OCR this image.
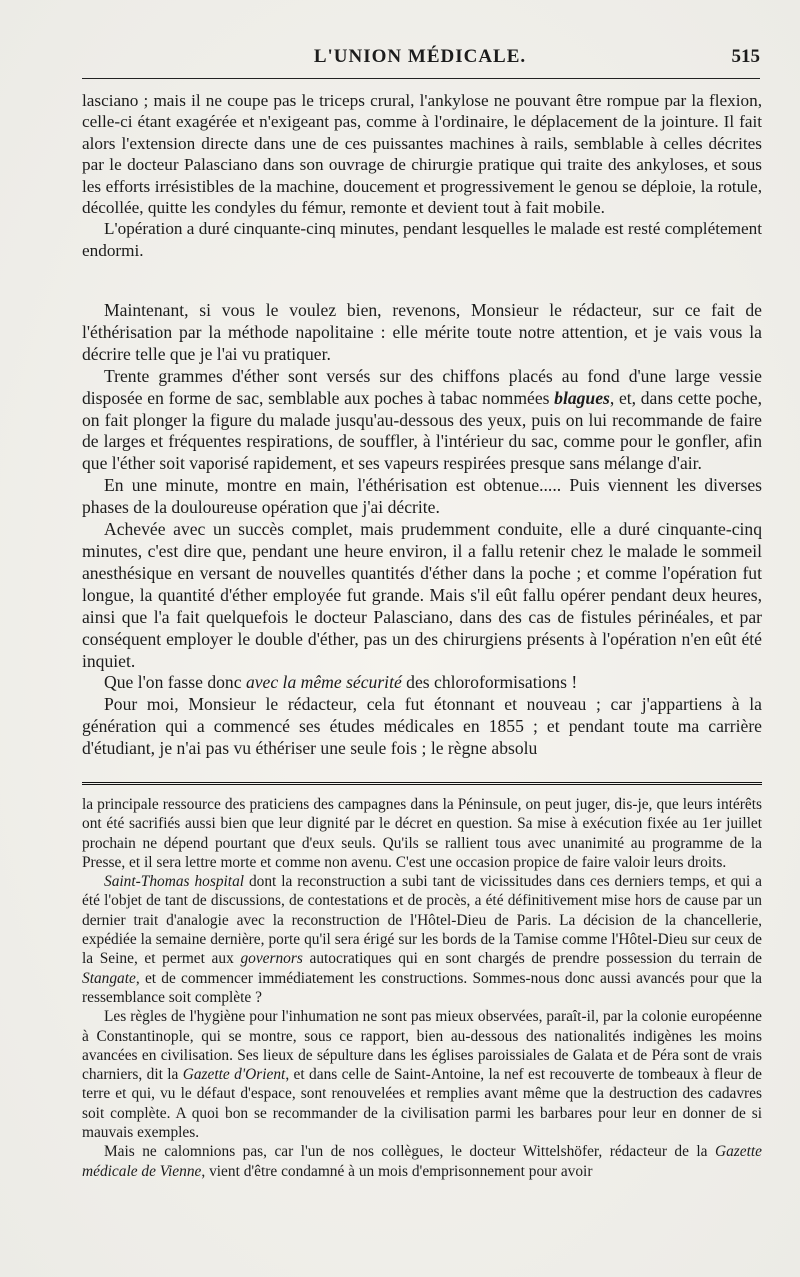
L'UNION MÉDICALE.	515

lasciano ; mais il ne coupe pas le triceps crural, l'ankylose ne pouvant être rompue par la flexion, celle-ci étant exagérée et n'exigeant pas, comme à l'ordinaire, le déplacement de la jointure. Il fait alors l'extension directe dans une de ces puissantes machines à rails, semblable à celles décrites par le docteur Palasciano dans son ouvrage de chirurgie pratique qui traite des ankyloses, et sous les efforts irrésistibles de la machine, doucement et progressivement le genou se déploie, la rotule, décollée, quitte les condyles du fémur, remonte et devient tout à fait mobile.

L'opération a duré cinquante-cinq minutes, pendant lesquelles le malade est resté complétement endormi.

Maintenant, si vous le voulez bien, revenons, Monsieur le rédacteur, sur ce fait de l'éthérisation par la méthode napolitaine : elle mérite toute notre attention, et je vais vous la décrire telle que je l'ai vu pratiquer.

Trente grammes d'éther sont versés sur des chiffons placés au fond d'une large vessie disposée en forme de sac, semblable aux poches à tabac nommées blagues, et, dans cette poche, on fait plonger la figure du malade jusqu'au-dessous des yeux, puis on lui recommande de faire de larges et fréquentes respirations, de souffler, à l'intérieur du sac, comme pour le gonfler, afin que l'éther soit vaporisé rapidement, et ses vapeurs respirées presque sans mélange d'air.

En une minute, montre en main, l'éthérisation est obtenue..... Puis viennent les diverses phases de la douloureuse opération que j'ai décrite.

Achevée avec un succès complet, mais prudemment conduite, elle a duré cinquante-cinq minutes, c'est dire que, pendant une heure environ, il a fallu retenir chez le malade le sommeil anesthésique en versant de nouvelles quantités d'éther dans la poche ; et comme l'opération fut longue, la quantité d'éther employée fut grande. Mais s'il eût fallu opérer pendant deux heures, ainsi que l'a fait quelquefois le docteur Palasciano, dans des cas de fistules périnéales, et par conséquent employer le double d'éther, pas un des chirurgiens présents à l'opération n'en eût été inquiet.

Que l'on fasse donc avec la même sécurité des chloroformisations !

Pour moi, Monsieur le rédacteur, cela fut étonnant et nouveau ; car j'appartiens à la génération qui a commencé ses études médicales en 1855 ; et pendant toute ma carrière d'étudiant, je n'ai pas vu éthériser une seule fois ; le règne absolu

la principale ressource des praticiens des campagnes dans la Péninsule, on peut juger, dis-je, que leurs intérêts ont été sacrifiés aussi bien que leur dignité par le décret en question. Sa mise à exécution fixée au 1er juillet prochain ne dépend pourtant que d'eux seuls. Qu'ils se rallient tous avec unanimité au programme de la Presse, et il sera lettre morte et comme non avenu. C'est une occasion propice de faire valoir leurs droits.

Saint-Thomas hospital dont la reconstruction a subi tant de vicissitudes dans ces derniers temps, et qui a été l'objet de tant de discussions, de contestations et de procès, a été définitivement mise hors de cause par un dernier trait d'analogie avec la reconstruction de l'Hôtel-Dieu de Paris. La décision de la chancellerie, expédiée la semaine dernière, porte qu'il sera érigé sur les bords de la Tamise comme l'Hôtel-Dieu sur ceux de la Seine, et permet aux governors autocratiques qui en sont chargés de prendre possession du terrain de Stangate, et de commencer immédiatement les constructions. Sommes-nous donc aussi avancés pour que la ressemblance soit complète ?

Les règles de l'hygiène pour l'inhumation ne sont pas mieux observées, paraît-il, par la colonie européenne à Constantinople, qui se montre, sous ce rapport, bien au-dessous des nationalités indigènes les moins avancées en civilisation. Ses lieux de sépulture dans les églises paroissiales de Galata et de Péra sont de vrais charniers, dit la Gazette d'Orient, et dans celle de Saint-Antoine, la nef est recouverte de tombeaux à fleur de terre et qui, vu le défaut d'espace, sont renouvelées et remplies avant même que la destruction des cadavres soit complète. A quoi bon se recommander de la civilisation parmi les barbares pour leur en donner de si mauvais exemples.

Mais ne calomnions pas, car l'un de nos collègues, le docteur Wittelshöfer, rédacteur de la Gazette médicale de Vienne, vient d'être condamné à un mois d'emprisonnement pour avoir
